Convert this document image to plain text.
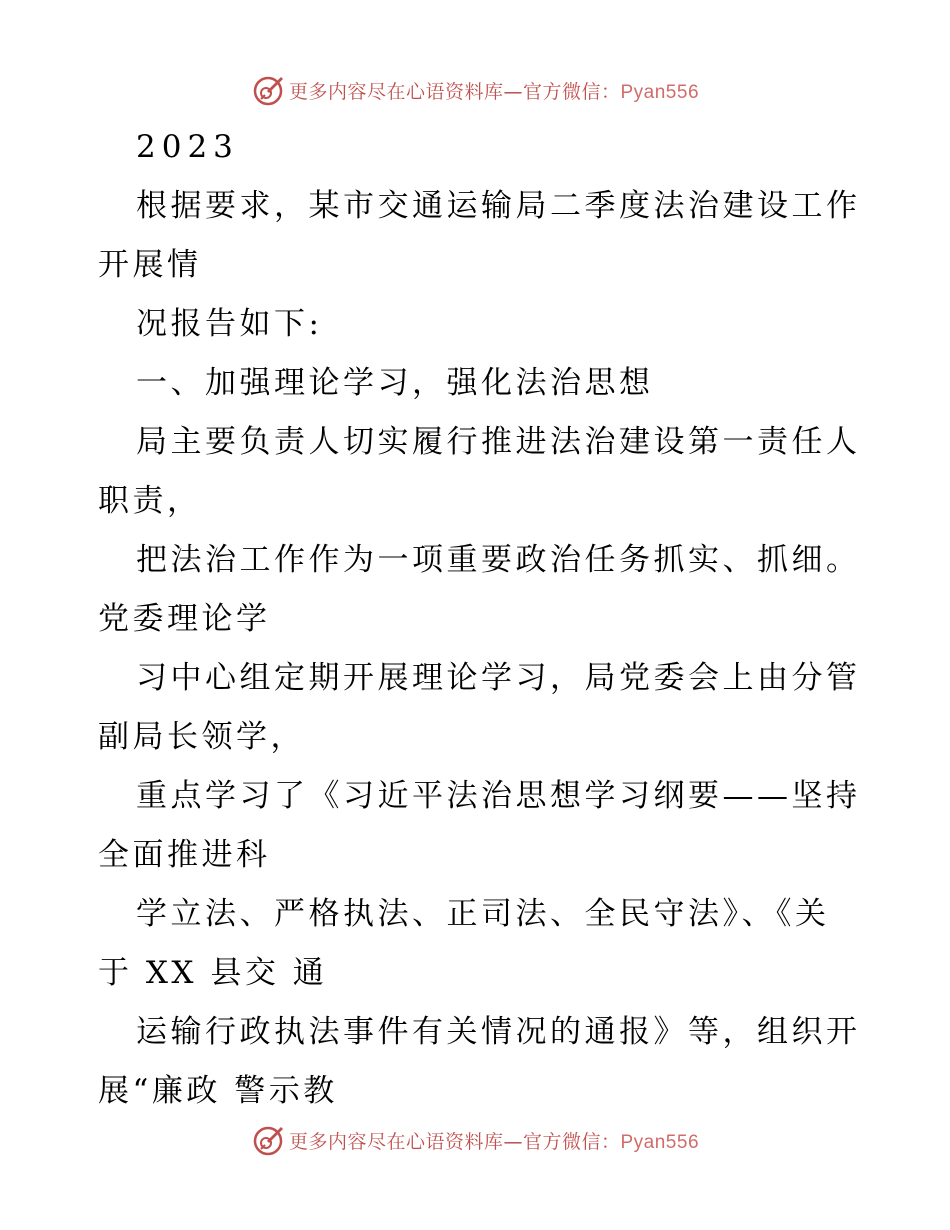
更多内容尽在心语资料库—官方微信：Pyan556
2023
根据要求，某市交通运输局二季度法治建设工作
开展情
况报告如下:
一、加强理论学习，强化法治思想
局主要负责人切实履行推进法治建设第一责任人
职责，
把法治工作作为一项重要政治任务抓实、抓细。
党委理论学
习中心组定期开展理论学习，局党委会上由分管
副局长领学，
重点学习了《习近平法治思想学习纲要——坚持
全面推进科
学立法、严格执法、正司法、全民守法》、《关
于 XX 县交 通
运输行政执法事件有关情况的通报》等，组织开
展“廉政 警示教
更多内容尽在心语资料库—官方微信：Pyan556
